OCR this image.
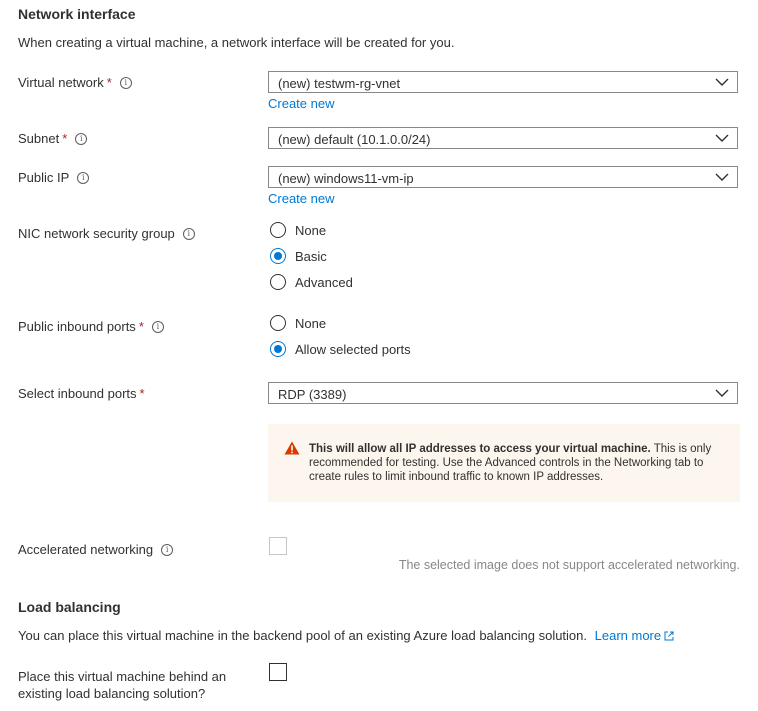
Network interface
When creating a virtual machine, a network interface will be created for you.
Virtual network * i	(new) testwm-rg-vnet
Create new
Subnet * i	(new) default (10.1.0.0/24)
Public IP i	(new) windows11-vm-ip
Create new
NIC network security group i	None
Basic
Advanced
Public inbound ports * i	None
Allow selected ports
Select inbound ports *	RDP (3389)
This will allow all IP addresses to access your virtual machine. This is only recommended for testing. Use the Advanced controls in the Networking tab to create rules to limit inbound traffic to known IP addresses.
Accelerated networking i
The selected image does not support accelerated networking.
Load balancing
You can place this virtual machine in the backend pool of an existing Azure load balancing solution. Learn more
Place this virtual machine behind an
existing load balancing solution?
